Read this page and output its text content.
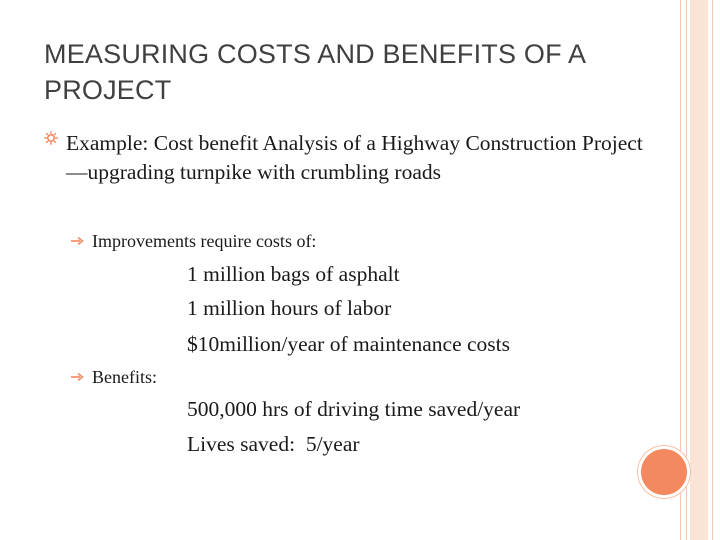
MEASURING COSTS AND BENEFITS OF A PROJECT

Example: Cost benefit Analysis of a Highway Construction Project—upgrading turnpike with crumbling roads

Improvements require costs of:
1 million bags of asphalt
1 million hours of labor
$10million/year of maintenance costs
Benefits:
500,000 hrs of driving time saved/year
Lives saved:  5/year
